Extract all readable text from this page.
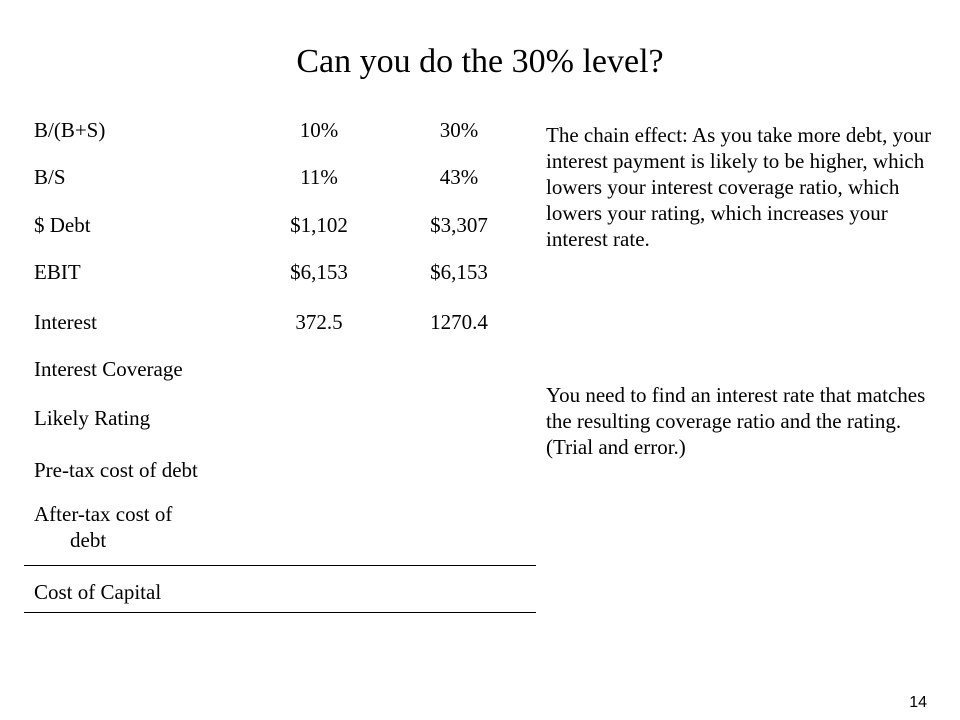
Can you do the 30% level?
B/(B+S)	10%	30%
B/S	11%	43%
$ Debt	$1,102	$3,307
EBIT	$6,153	$6,153
Interest	372.5	1270.4
Interest Coverage
Likely Rating
Pre-tax cost of debt
After-tax cost of
debt
Cost of Capital
The chain effect: As you take more debt, your interest payment is likely to be higher, which lowers your interest coverage ratio, which lowers your rating, which increases your interest rate.
You need to find an interest rate that matches the resulting coverage ratio and the rating. (Trial and error.)
14
